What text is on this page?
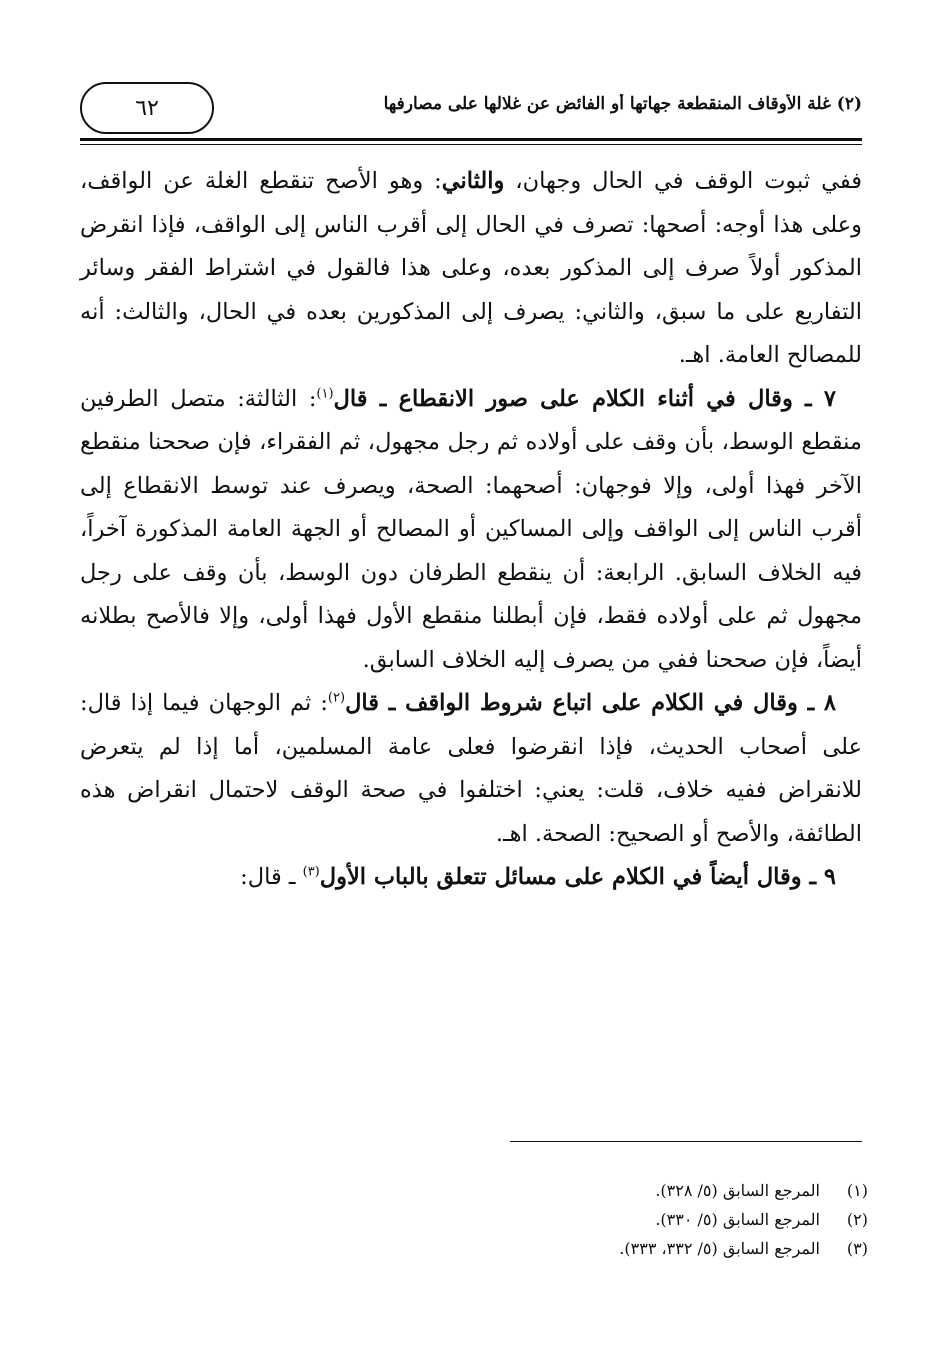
(٢) غلة الأوقاف المنقطعة جهاتها أو الفائض عن غلالها على مصارفها
٦٢

ففي ثبوت الوقف في الحال وجهان، والثاني: وهو الأصح تنقطع الغلة عن الواقف، وعلى هذا أوجه: أصحها: تصرف في الحال إلى أقرب الناس إلى الواقف، فإذا انقرض المذكور أولاً صرف إلى المذكور بعده، وعلى هذا فالقول في اشتراط الفقر وسائر التفاريع على ما سبق، والثاني: يصرف إلى المذكورين بعده في الحال، والثالث: أنه للمصالح العامة. اهـ.

٧ ـ وقال في أثناء الكلام على صور الانقطاع ـ قال$^{(١)}$: الثالثة: متصل الطرفين منقطع الوسط، بأن وقف على أولاده ثم رجل مجهول، ثم الفقراء، فإن صححنا منقطع الآخر فهذا أولى، وإلا فوجهان: أصحهما: الصحة، ويصرف عند توسط الانقطاع إلى أقرب الناس إلى الواقف وإلى المساكين أو المصالح أو الجهة العامة المذكورة آخراً، فيه الخلاف السابق. الرابعة: أن ينقطع الطرفان دون الوسط، بأن وقف على رجل مجهول ثم على أولاده فقط، فإن أبطلنا منقطع الأول فهذا أولى، وإلا فالأصح بطلانه أيضاً، فإن صححنا ففي من يصرف إليه الخلاف السابق.

٨ ـ وقال في الكلام على اتباع شروط الواقف ـ قال$^{(٢)}$: ثم الوجهان فيما إذا قال: على أصحاب الحديث، فإذا انقرضوا فعلى عامة المسلمين، أما إذا لم يتعرض للانقراض ففيه خلاف، قلت: يعني: اختلفوا في صحة الوقف لاحتمال انقراض هذه الطائفة، والأصح أو الصحيح: الصحة. اهـ.

٩ ـ وقال أيضاً في الكلام على مسائل تتعلق بالباب الأول$^{(٣)}$ ـ قال:

(١)
المرجع السابق (٥/ ٣٢٨).
(٢)
المرجع السابق (٥/ ٣٣٠).
(٣)
المرجع السابق (٥/ ٣٣٢، ٣٣٣).
